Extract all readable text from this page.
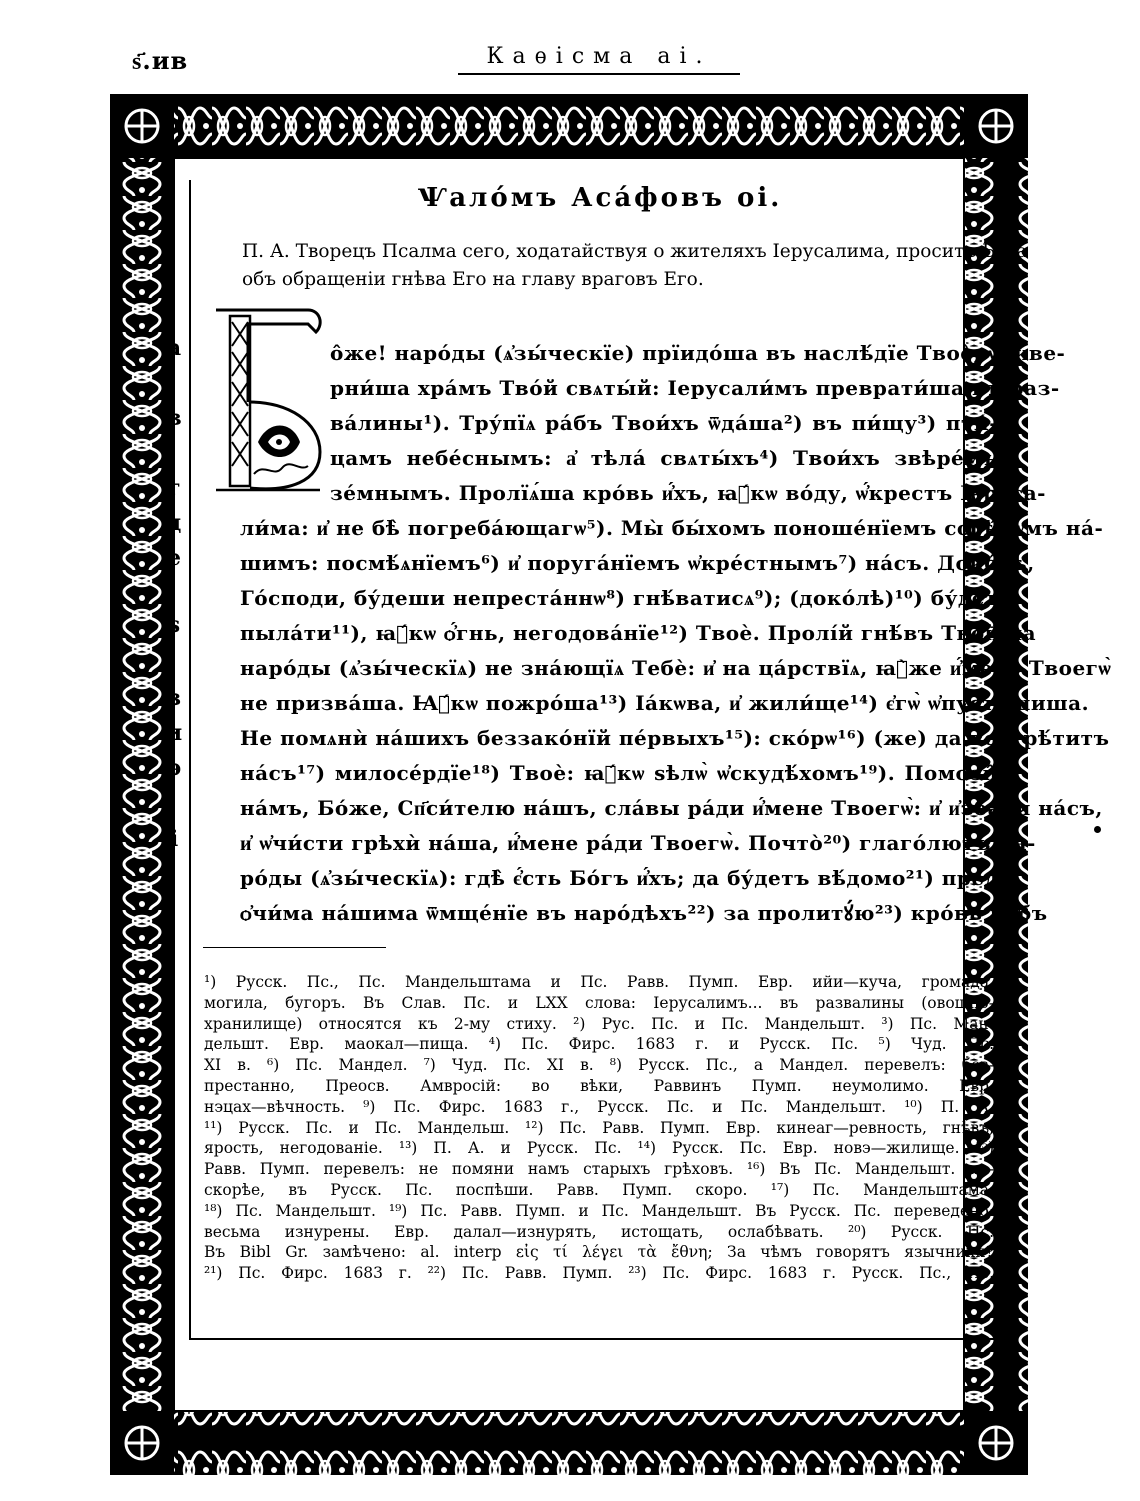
ѕ҃.ив	Каѳісма ai.
Ѱалóмъ Асáфовъ оi.

П. А. Творецъ Псалма сего, ходатайствуя о жителяхъ Іерусалима, проситъ Бога

объ обращеніи гнѣва Его на главу враговъ Его.

Б
а
в
г
д
е
ѕ
з
и
ѳ
і
о̂же! нарóды (ѧ҆зы́ческїе) прїидóша въ наслѣ́дїе Твоѐ, ѡ҆скве-
рни́ша хрáмъ Твóй свѧты́й: Іерусали́мъ преврати́ша въ раз-
вáлины¹). Тру́пїѧ рáбъ Твои́хъ ѿдáша²) въ пи́щу³) пти́-
цамъ небéснымъ: а҆ тѣлá свѧты́хъ⁴) Твои́хъ звѣрéмъ
зéмнымъ. Пролїѧ́ша кро́вь и҆́хъ, ꙗ҆́кѡ во́ду, ѡ҆́крестъ Іерусa-
ли́ма: и҆ не бѣ̀ погребáющагѡ⁵). Мы̀ бы́хомъ поношéнїемъ сосѣ́дѡмъ нá-
шимъ: посмѣ́ѧнїемъ⁶) и҆ поругáнїемъ ѡ҆крéстнымъ⁷) нáсъ. Докóлѣ,
Гóсподи, бу́деши непрестáннѡ⁸) гнѣ́ватисѧ⁹); (докóлѣ)¹⁰) бу́детъ
пылáти¹¹), ꙗ҆́кѡ ѻ҆́гнь, негодовáнїе¹²) Твоѐ. Пролі́й гнѣ́въ Твóй на
нарóды (ѧ҆зы́ческїѧ) не знáющїѧ Тебѐ: и҆ на цáрствїѧ, ꙗ҆̀же и҆́мене Твоегѡ̀
не призвáша. Ꙗ҆́кѡ пожрóша¹³) Іа́кѡва, и҆ жили́ще¹⁴) є҆гѡ̀ ѡ҆пусто́шиша.
Не помѧнѝ нáшихъ беззакóнїй пéрвыхъ¹⁵): скóрѡ¹⁶) (же) да вострѣ́титъ
нáсъ¹⁷) милосéрдїе¹⁸) Твоѐ: ꙗ҆́кѡ ѕѣлѡ̀ ѡ҆скудѣ́хомъ¹⁹). Помози̂
нáмъ, Бо́же, Сп҃си́телю нáшъ, слáвы рáди и҆́мене Твоегѡ̀: и҆ и҆збáви нáсъ,
и҆ ѡ҆чи́сти грѣхѝ нáша, и҆́мене рáди Твоегѡ̀. Почто̀²⁰) глагóлютъ на-
рóды (ѧ҆зы́ческїѧ): гдѣ̀ є҆́сть Бо́гъ и҆́хъ; да бу́детъ вѣ́домо²¹) предъ
ѻ҆чи́ма нáшима ѿмщéнїе въ нарóдѣхъ²²) за пролитꙋ́ю²³) кро́вь ра́бъ
¹) Русск. Пс., Пс. Мандельштама и Пс. Равв. Пумп. Евр. ийи—куча, громада,
могила, бугоръ. Въ Слав. Пс. и LXX слова: Іерусалимъ... въ развалины (овощно-
хранилище) относятся къ 2-му стиху. ²) Рус. Пс. и Пс. Мандельшт. ³) Пс. Ман-
дельшт. Евр. маокал—пища. ⁴) Пс. Фирс. 1683 г. и Русск. Пс. ⁵) Чуд. Пс.
XI в. ⁶) Пс. Мандел. ⁷) Чуд. Пс. XI в. ⁸) Русск. Пс., а Мандел. перевелъ: без-
престанно, Преосв. Амвросій: во вѣки, Раввинъ Пумп. неумолимо. Евр.
нэцах—вѣчность. ⁹) Пс. Фирс. 1683 г., Русск. Пс. и Пс. Мандельшт. ¹⁰) П. А.
¹¹) Русск. Пс. и Пс. Мандельш. ¹²) Пс. Равв. Пумп. Евр. кинеаг—ревность, гнѣвъ,
ярость, негодованіе. ¹³) П. А. и Русск. Пс. ¹⁴) Русск. Пс. Евр. новэ—жилище. ¹⁵)
Равв. Пумп. перевелъ: не помяни намъ старыхъ грѣховъ. ¹⁶) Въ Пс. Мандельшт. по-
скорѣе, въ Русск. Пс. поспѣши. Равв. Пумп. скоро. ¹⁷) Пс. Мандельштама.
¹⁸) Пс. Мандельшт. ¹⁹) Пс. Равв. Пумп. и Пс. Мандельшт. Въ Русск. Пс. переведено:
весьма изнурены. Евр. далал—изнурять, истощать, ослабѣвать. ²⁰) Русск. Пс.
Въ Bibl Gr. замѣчено: al. interp εἰς τί λέγει τὰ ἔθνη; За чѣмъ говорятъ язычники?
²¹) Пс. Фирс. 1683 г. ²²) Пс. Равв. Пумп. ²³) Пс. Фирс. 1683 г. Русск. Пс., Пс.
